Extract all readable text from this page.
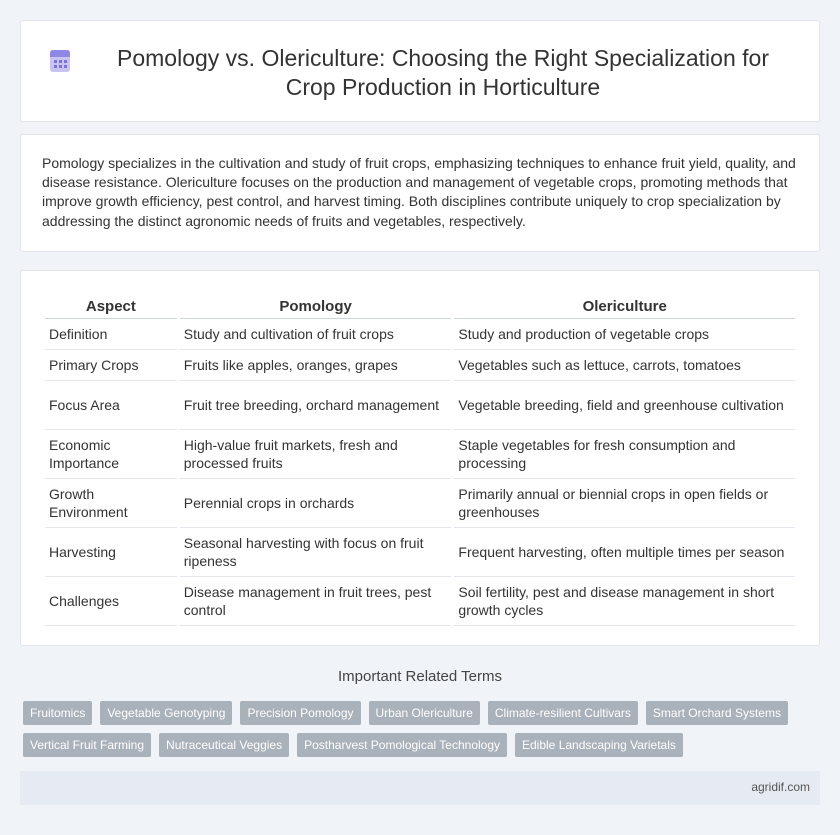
Pomology vs. Olericulture: Choosing the Right Specialization for Crop Production in Horticulture

Pomology specializes in the cultivation and study of fruit crops, emphasizing techniques to enhance fruit yield, quality, and disease resistance. Olericulture focuses on the production and management of vegetable crops, promoting methods that improve growth efficiency, pest control, and harvest timing. Both disciplines contribute uniquely to crop specialization by addressing the distinct agronomic needs of fruits and vegetables, respectively.

Aspect	Pomology	Olericulture
Definition	Study and cultivation of fruit crops	Study and production of vegetable crops
Primary Crops	Fruits like apples, oranges, grapes	Vegetables such as lettuce, carrots, tomatoes
Focus Area	Fruit tree breeding, orchard management	Vegetable breeding, field and greenhouse cultivation
Economic Importance	High-value fruit markets, fresh and processed fruits	Staple vegetables for fresh consumption and processing
Growth Environment	Perennial crops in orchards	Primarily annual or biennial crops in open fields or greenhouses
Harvesting	Seasonal harvesting with focus on fruit ripeness	Frequent harvesting, often multiple times per season
Challenges	Disease management in fruit trees, pest control	Soil fertility, pest and disease management in short growth cycles
Important Related Terms
Fruitomics	Vegetable Genotyping	Precision Pomology	Urban Olericulture	Climate-resilient Cultivars	Smart Orchard Systems
Vertical Fruit Farming	Nutraceutical Veggies	Postharvest Pomological Technology	Edible Landscaping Varietals
agridif.com
